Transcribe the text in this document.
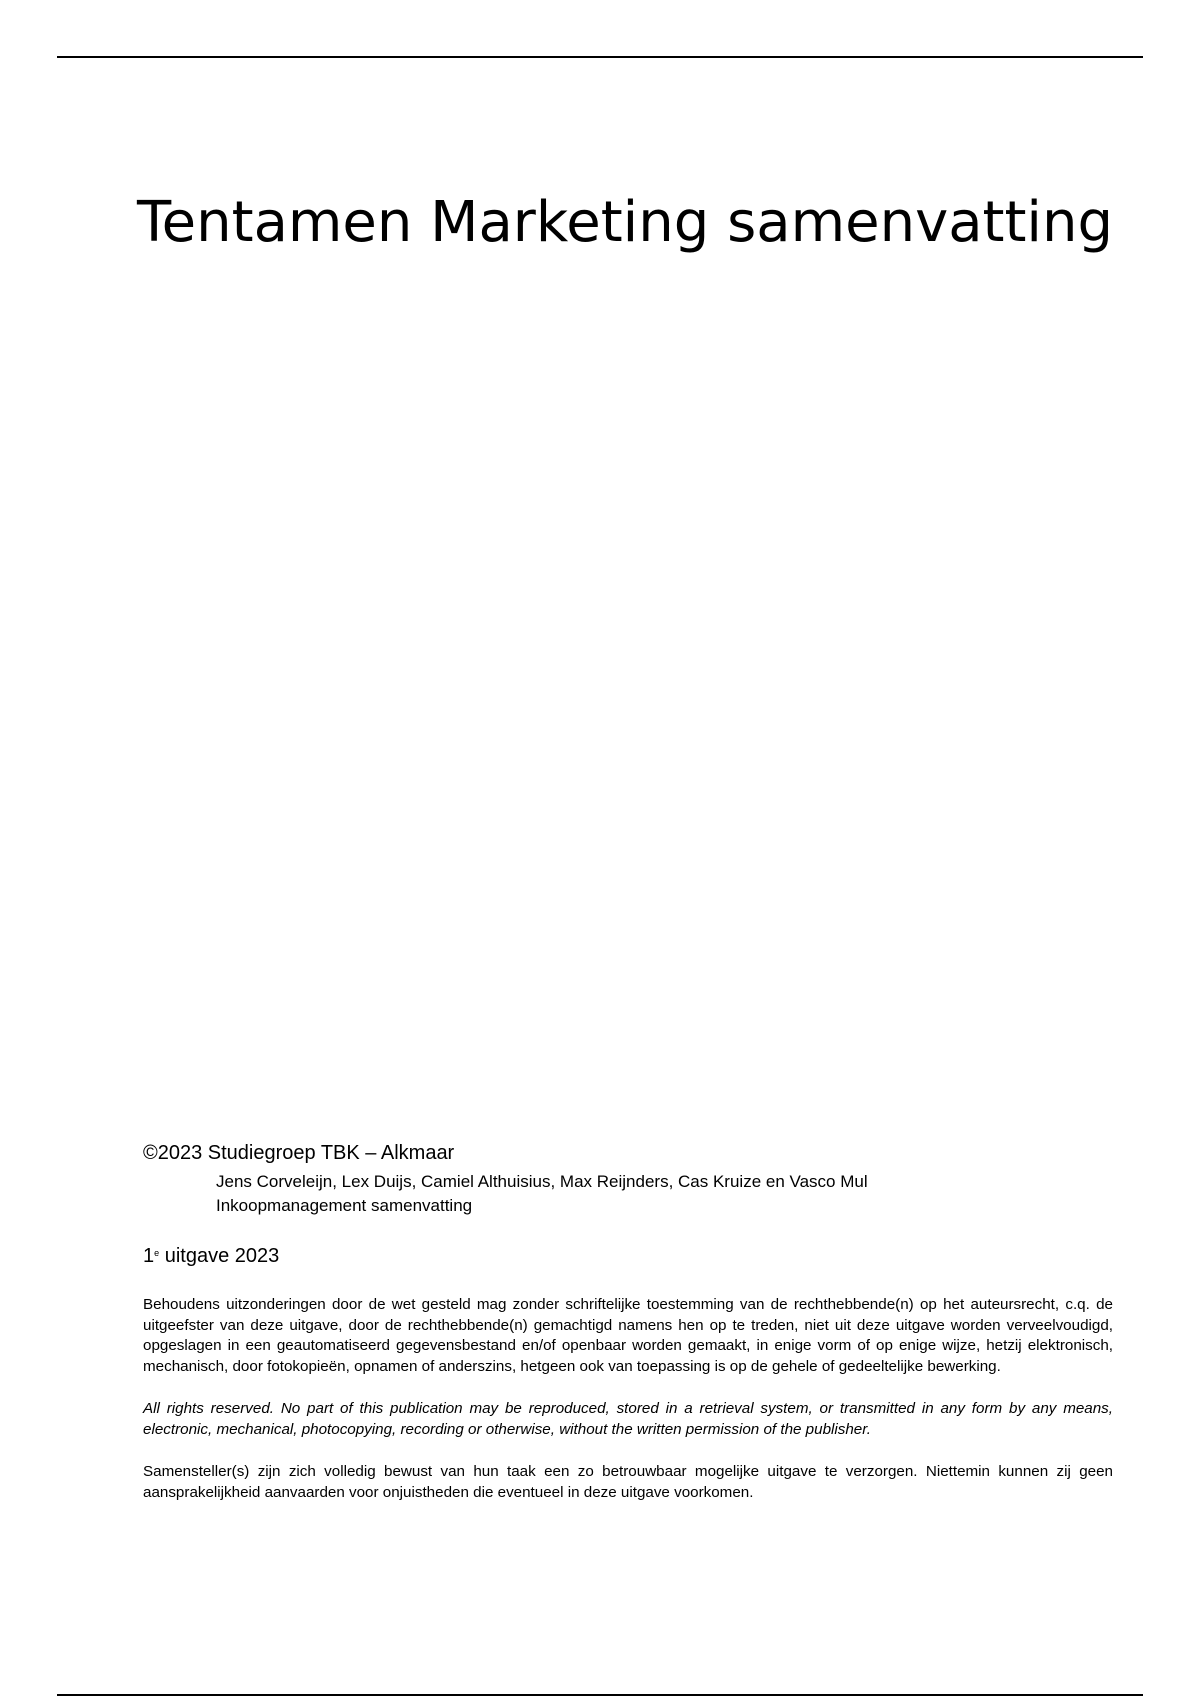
Tentamen Marketing samenvatting

©2023 Studiegroep TBK – Alkmaar

Jens Corveleijn, Lex Duijs, Camiel Althuisius, Max Reijnders, Cas Kruize en Vasco Mul
Inkoopmanagement samenvatting
1e uitgave 2023

Behoudens uitzonderingen door de wet gesteld mag zonder schriftelijke toestemming van de rechthebbende(n) op het auteursrecht, c.q. de uitgeefster van deze uitgave, door de rechthebbende(n) gemachtigd namens hen op te treden, niet uit deze uitgave worden verveelvoudigd, opgeslagen in een geautomatiseerd gegevensbestand en/of openbaar worden gemaakt, in enige vorm of op enige wijze, hetzij elektronisch, mechanisch, door fotokopieën, opnamen of anderszins, hetgeen ook van toepassing is op de gehele of gedeeltelijke bewerking.

All rights reserved. No part of this publication may be reproduced, stored in a retrieval system, or transmitted in any form by any means, electronic, mechanical, photocopying, recording or otherwise, without the written permission of the publisher.

Samensteller(s) zijn zich volledig bewust van hun taak een zo betrouwbaar mogelijke uitgave te verzorgen. Niettemin kunnen zij geen aansprakelijkheid aanvaarden voor onjuistheden die eventueel in deze uitgave voorkomen.
